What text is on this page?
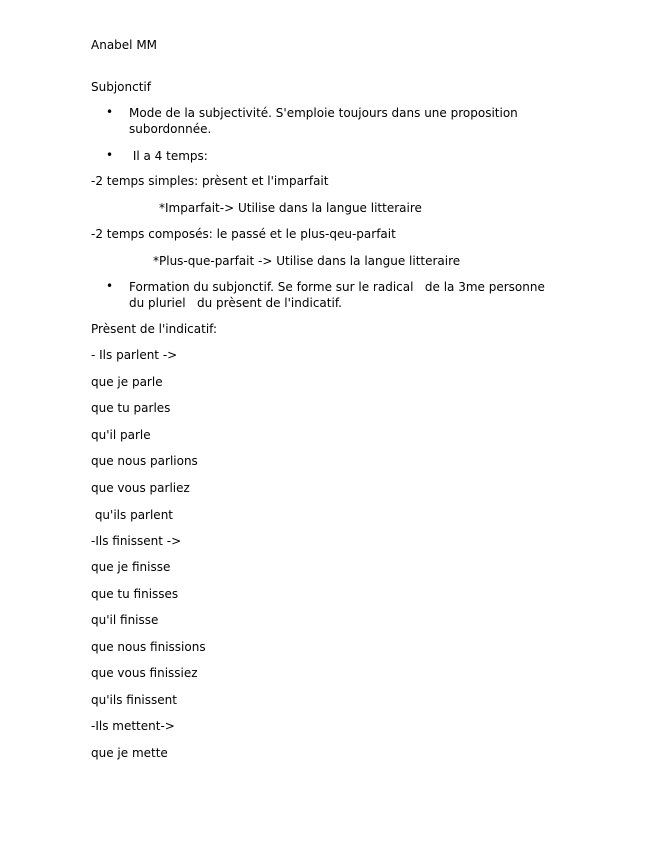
Anabel MM
Subjonctif
• Mode de la subjectivité. S'emploie toujours dans une proposition subordonnée.
• Il a 4 temps:
-2 temps simples: prèsent et l'imparfait
*Imparfait-> Utilise dans la langue litteraire
-2 temps composés: le passé et le plus-qeu-parfait
*Plus-que-parfait -> Utilise dans la langue litteraire
• Formation du subjonctif. Se forme sur le radical   de la 3me personne du pluriel   du prèsent de l'indicatif.
Prèsent de l'indicatif:
- Ils parlent ->
que je parle
que tu parles
qu'il parle
que nous parlions
que vous parliez
qu'ils parlent
-Ils finissent ->
que je finisse
que tu finisses
qu'il finisse
que nous finissions
que vous finissiez
qu'ils finissent
-Ils mettent->
que je mette
